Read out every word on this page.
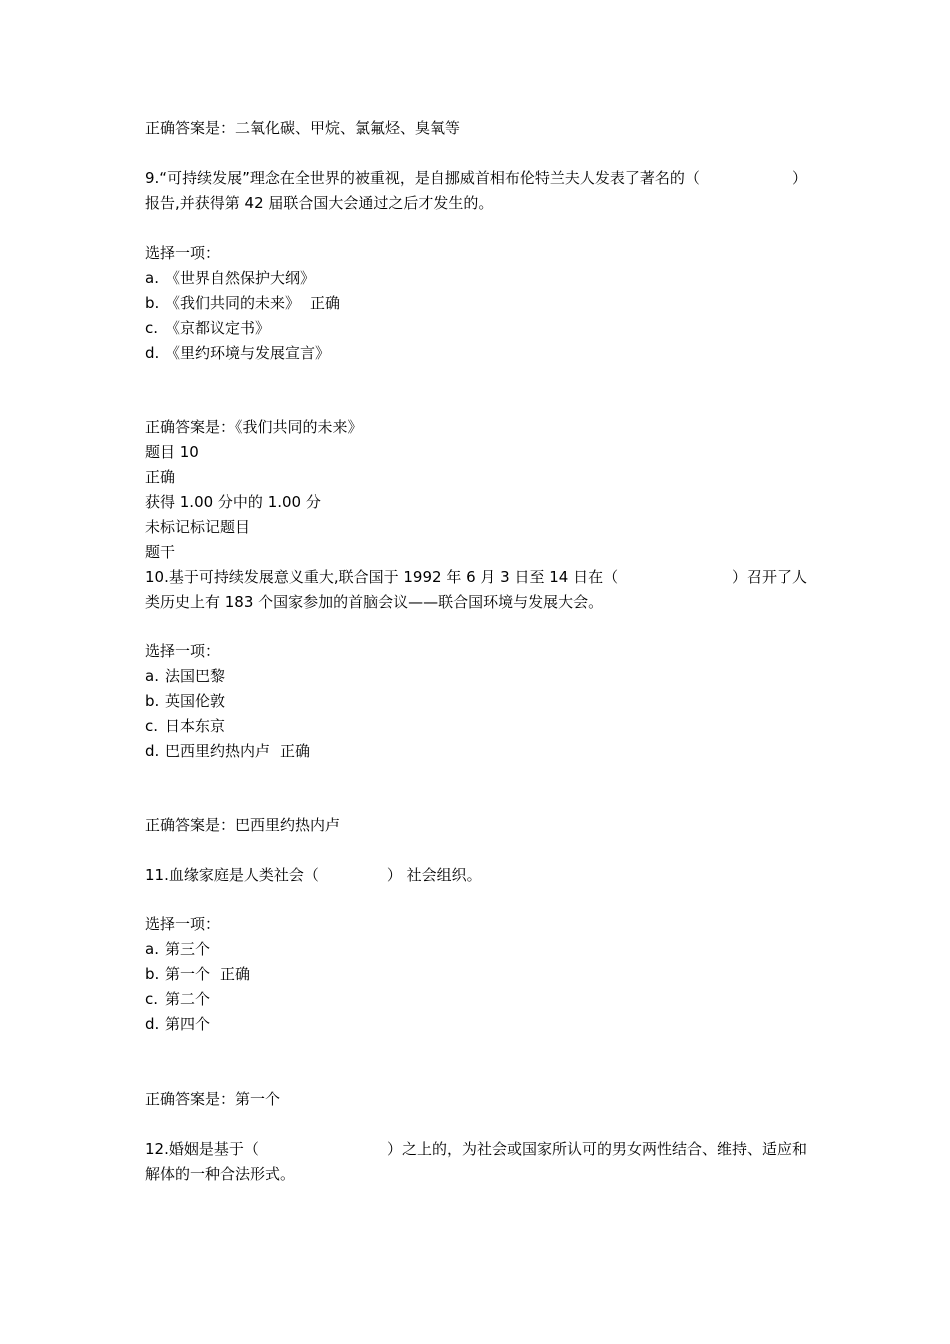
正确答案是：二氧化碳、甲烷、氯氟烃、臭氧等
9.“可持续发展”理念在全世界的被重视，是自挪威首相布伦特兰夫人发表了著名的（	）
报告,并获得第 42 届联合国大会通过之后才发生的。
选择一项：
a. 《世界自然保护大纲》
b. 《我们共同的未来》 正确
c. 《京都议定书》
d. 《里约环境与发展宣言》
正确答案是：《我们共同的未来》
题目 10
正确
获得 1.00 分中的 1.00 分
未标记标记题目
题干
10.基于可持续发展意义重大,联合国于 1992 年 6 月 3 日至 14 日在（	）召开了人
类历史上有 183 个国家参加的首脑会议——联合国环境与发展大会。
选择一项：
a. 法国巴黎
b. 英国伦敦
c. 日本东京
d. 巴西里约热内卢 正确
正确答案是：巴西里约热内卢
11.血缘家庭是人类社会（	） 社会组织。
选择一项：
a. 第三个
b. 第一个 正确
c. 第二个
d. 第四个
正确答案是：第一个
12.婚姻是基于（	）之上的，为社会或国家所认可的男女两性结合、维持、适应和
解体的一种合法形式。
